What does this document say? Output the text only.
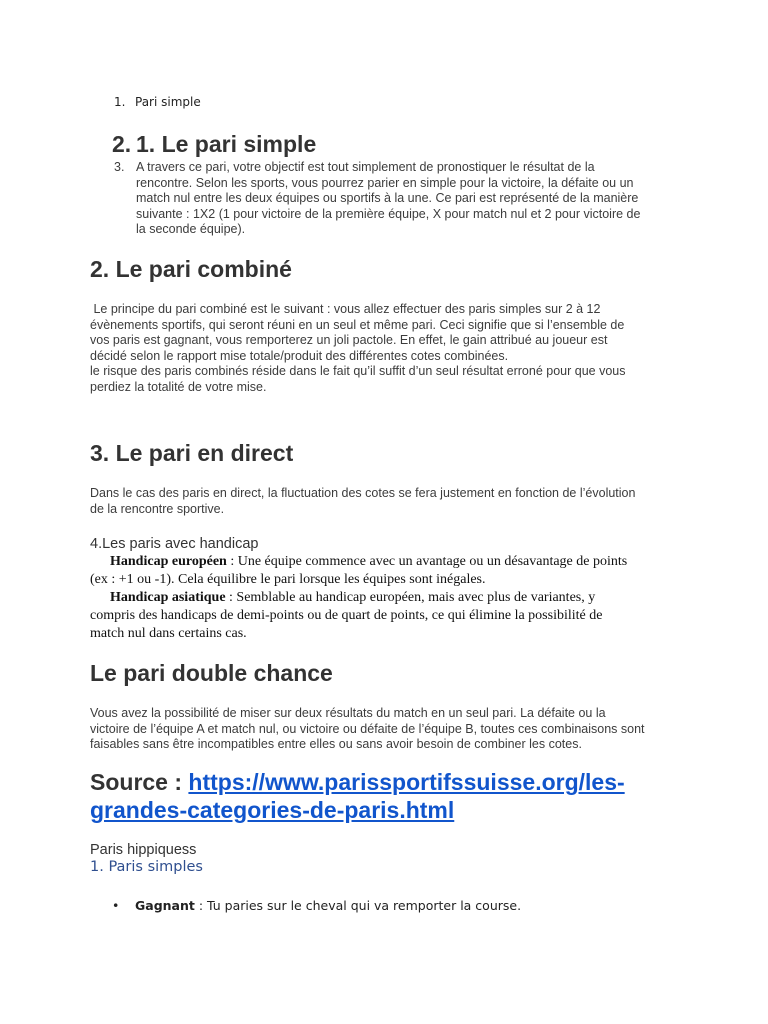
1. Pari simple
2. 1. Le pari simple
3. A travers ce pari, votre objectif est tout simplement de pronostiquer le résultat de la
rencontre. Selon les sports, vous pourrez parier en simple pour la victoire, la défaite ou un
match nul entre les deux équipes ou sportifs à la une. Ce pari est représenté de la manière
suivante : 1X2 (1 pour victoire de la première équipe, X pour match nul et 2 pour victoire de
la seconde équipe).
2. Le pari combiné
Le principe du pari combiné est le suivant : vous allez effectuer des paris simples sur 2 à 12
évènements sportifs, qui seront réuni en un seul et même pari. Ceci signifie que si l’ensemble de
vos paris est gagnant, vous remporterez un joli pactole. En effet, le gain attribué au joueur est
décidé selon le rapport mise totale/produit des différentes cotes combinées.
le risque des paris combinés réside dans le fait qu’il suffit d’un seul résultat erroné pour que vous
perdiez la totalité de votre mise.
3. Le pari en direct
Dans le cas des paris en direct, la fluctuation des cotes se fera justement en fonction de l’évolution
de la rencontre sportive.
4.Les paris avec handicap
Handicap européen : Une équipe commence avec un avantage ou un désavantage de points
(ex : +1 ou -1). Cela équilibre le pari lorsque les équipes sont inégales.
Handicap asiatique : Semblable au handicap européen, mais avec plus de variantes, y
compris des handicaps de demi-points ou de quart de points, ce qui élimine la possibilité de
match nul dans certains cas.
Le pari double chance
Vous avez la possibilité de miser sur deux résultats du match en un seul pari. La défaite ou la
victoire de l’équipe A et match nul, ou victoire ou défaite de l’équipe B, toutes ces combinaisons sont
faisables sans être incompatibles entre elles ou sans avoir besoin de combiner les cotes.
Source : https://www.parissportifssuisse.org/les-
grandes-categories-de-paris.html
Paris hippiquess
1. Paris simples
• Gagnant : Tu paries sur le cheval qui va remporter la course.
